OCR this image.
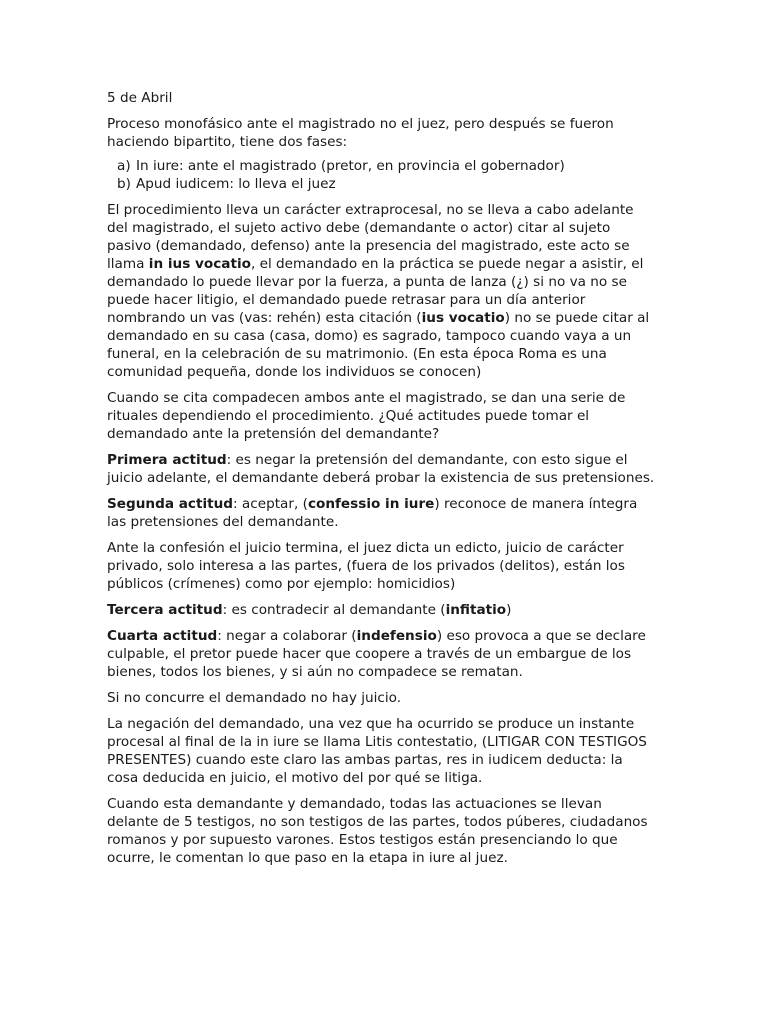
5 de Abril

Proceso monofásico ante el magistrado no el juez, pero después se fueron haciendo bipartito, tiene dos fases:

a) In iure: ante el magistrado (pretor, en provincia el gobernador)
b) Apud iudicem: lo lleva el juez

El procedimiento lleva un carácter extraprocesal, no se lleva a cabo adelante del magistrado, el sujeto activo debe (demandante o actor) citar al sujeto pasivo (demandado, defenso) ante la presencia del magistrado, este acto se llama in ius vocatio, el demandado en la práctica se puede negar a asistir, el demandado lo puede llevar por la fuerza, a punta de lanza (¿) si no va no se puede hacer litigio, el demandado puede retrasar para un día anterior nombrando un vas (vas: rehén) esta citación (ius vocatio) no se puede citar al demandado en su casa (casa, domo) es sagrado, tampoco cuando vaya a un funeral, en la celebración de su matrimonio. (En esta época Roma es una comunidad pequeña, donde los individuos se conocen)

Cuando se cita compadecen ambos ante el magistrado, se dan una serie de rituales dependiendo el procedimiento. ¿Qué actitudes puede tomar el demandado ante la pretensión del demandante?

Primera actitud: es negar la pretensión del demandante, con esto sigue el juicio adelante, el demandante deberá probar la existencia de sus pretensiones.

Segunda actitud: aceptar, (confessio in iure) reconoce de manera íntegra las pretensiones del demandante.

Ante la confesión el juicio termina, el juez dicta un edicto, juicio de carácter privado, solo interesa a las partes, (fuera de los privados (delitos), están los públicos (crímenes) como por ejemplo: homicidios)

Tercera actitud: es contradecir al demandante (infitatio)

Cuarta actitud: negar a colaborar (indefensio) eso provoca a que se declare culpable, el pretor puede hacer que coopere a través de un embargue de los bienes, todos los bienes, y si aún no compadece se rematan.

Si no concurre el demandado no hay juicio.

La negación del demandado, una vez que ha ocurrido se produce un instante procesal al final de la in iure se llama Litis contestatio, (LITIGAR CON TESTIGOS PRESENTES) cuando este claro las ambas partas, res in iudicem deducta: la cosa deducida en juicio, el motivo del por qué se litiga.

Cuando esta demandante y demandado, todas las actuaciones se llevan delante de 5 testigos, no son testigos de las partes, todos púberes, ciudadanos romanos y por supuesto varones. Estos testigos están presenciando lo que ocurre, le comentan lo que paso en la etapa in iure al juez.
